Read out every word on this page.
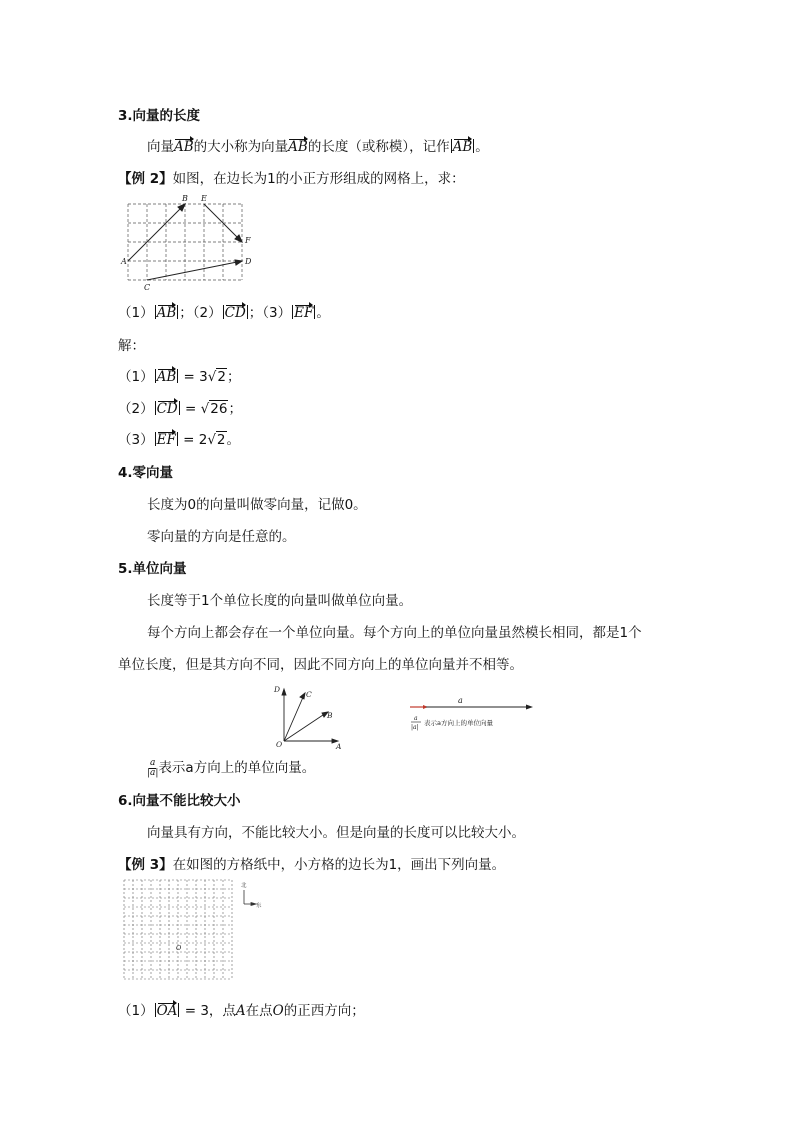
3.向量的长度
向量AB的大小称为向量AB的长度（或称模），记作 AB 。
【例 2】如图，在边长为1的小正方形组成的网格上，求：
A
B
C
D
E
F
（1） AB ；（2） CD ；（3） EF 。
解：
（1） AB = 3√2；
（2） CD = √26；
（3） EF = 2√2。
4.零向量
长度为0的向量叫做零向量，记做0。
零向量的方向是任意的。
5.单位向量
长度等于1个单位长度的向量叫做单位向量。
每个方向上都会存在一个单位向量。每个方向上的单位向量虽然模长相同，都是1个
单位长度，但是其方向不同，因此不同方向上的单位向量并不相等。
D
C
B
A
O
a
a
|a|
表示a方向上的单位向量
$\frac{a}{|a|}$ 表示a方向上的单位向量。
6.向量不能比较大小
向量具有方向，不能比较大小。但是向量的长度可以比较大小。
【例 3】在如图的方格纸中，小方格的边长为1，画出下列向量。
北
东
O
（1） OA = 3，点A在点O的正西方向；
